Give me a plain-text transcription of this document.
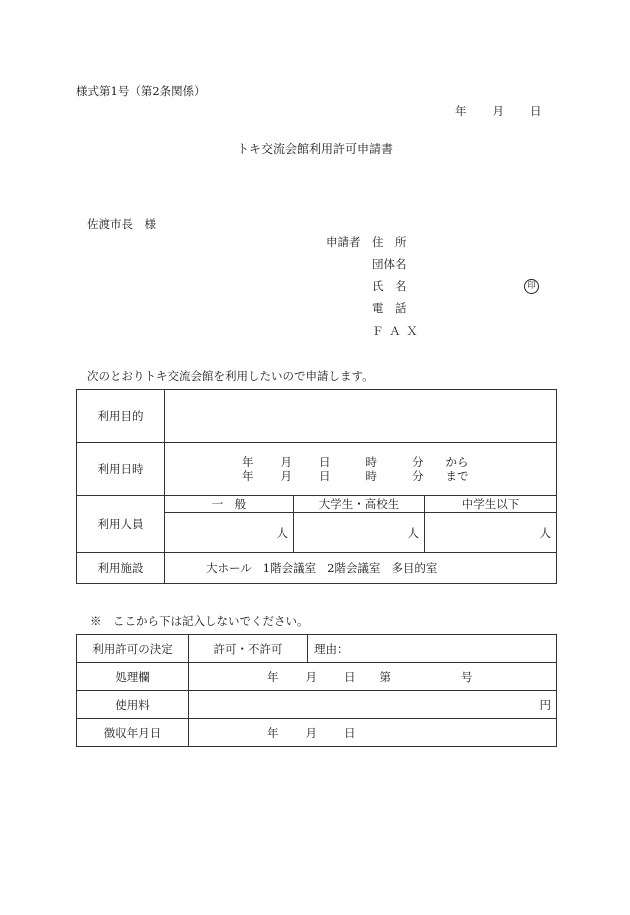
様式第1号（第2条関係）
年 月 日
トキ交流会館利用許可申請書
佐渡市長　様
申請者 住　所
団体名
氏　名	印
電　話
Ｆ Ａ Ｘ
次のとおりトキ交流会館を利用したいので申請します。
利用目的			
利用日時	年 月 日 時 分 から
年 月 日 時 分 まで		

利用人員	一　般	大学生・高校生	中学生以下
	人	人	人
利用施設	大ホール 1階会議室 2階会議室 多目的室		
※　ここから下は記入しないでください。
利用許可の決定	許可・不許可	理由：
処理欄	年 月 日 第 号	

使用料	円	
徴収年月日	年 月 日	
